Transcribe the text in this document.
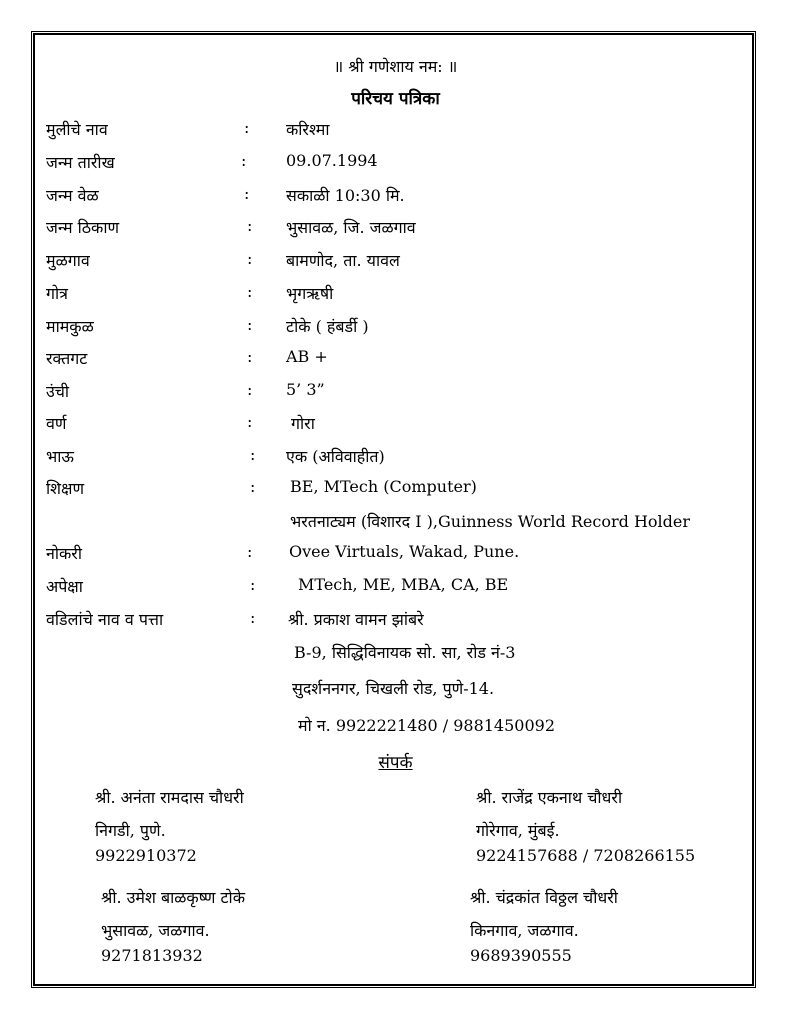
॥ श्री गणेशाय नम: ॥
परिचय पत्रिका
मुलीचे नाव	: करिश्मा
जन्म तारीख	: 09.07.1994
जन्म वेळ	: सकाळी 10:30 मि.
जन्म ठिकाण	: भुसावळ, जि. जळगाव
मुळगाव	: बामणोद, ता. यावल
गोत्र	: भृगऋषी
मामकुळ	: टोके ( हंबर्डी )
रक्तगट	: AB +
उंची	: 5’ 3”
वर्ण	: गोरा
भाऊ	: एक (अविवाहीत)
शिक्षण	: BE, MTech (Computer)
भरतनाट्यम (विशारद I ),Guinness World Record Holder
नोकरी	: Ovee Virtuals, Wakad, Pune.
अपेक्षा	:	MTech, ME, MBA, CA, BE
वडिलांचे नाव व पत्ता	: श्री. प्रकाश वामन झांबरे
B-9, सिद्धिविनायक सो. सा, रोड नं-3
सुदर्शननगर, चिखली रोड, पुणे-14.
मो न. 9922221480 / 9881450092
संपर्क
श्री. अनंता रामदास चौधरी
निगडी, पुणे.
9922910372
श्री. राजेंद्र एकनाथ चौधरी
गोरेगाव, मुंबई.
9224157688 / 7208266155
श्री. उमेश बाळकृष्ण टोके
भुसावळ, जळगाव.
9271813932
श्री. चंद्रकांत विठ्ठल चौधरी
किनगाव, जळगाव.
9689390555
